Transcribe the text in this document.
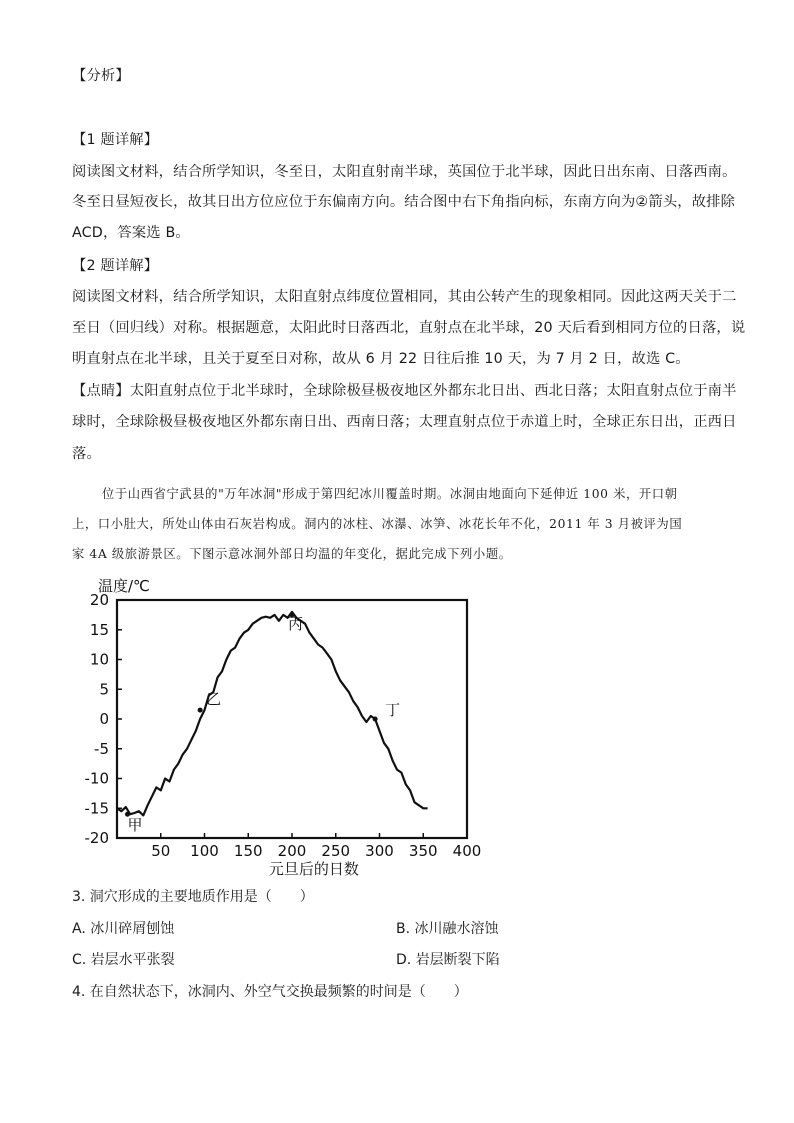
【分析】
【1 题详解】
阅读图文材料，结合所学知识，冬至日，太阳直射南半球，英国位于北半球，因此日出东南、日落西南。
冬至日昼短夜长，故其日出方位应位于东偏南方向。结合图中右下角指向标，东南方向为②箭头，故排除
ACD，答案选 B。
【2 题详解】
阅读图文材料，结合所学知识，太阳直射点纬度位置相同，其由公转产生的现象相同。因此这两天关于二
至日（回归线）对称。根据题意，太阳此时日落西北，直射点在北半球，20 天后看到相同方位的日落，说
明直射点在北半球，且关于夏至日对称，故从 6 月 22 日往后推 10 天，为 7 月 2 日，故选 C。
【点睛】太阳直射点位于北半球时，全球除极昼极夜地区外都东北日出、西北日落；太阳直射点位于南半
球时，全球除极昼极夜地区外都东南日出、西南日落；太理直射点位于赤道上时，全球正东日出，正西日
落。
位于山西省宁武县的"万年冰洞"形成于第四纪冰川覆盖时期。冰洞由地面向下延伸近 100 米，开口朝
上，口小肚大，所处山体由石灰岩构成。洞内的冰柱、冰瀑、冰笋、冰花长年不化，2011 年 3 月被评为国
家 4A 级旅游景区。下图示意冰洞外部日均温的年变化，据此完成下列小题。
温度/℃
20
15
10
5
0
-5
-10
-15
-20
50 100 150 200 250 300 350 400
甲
乙
丙
丁
元旦后的日数
3. 洞穴形成的主要地质作用是（　　）
A. 冰川碎屑刨蚀	B. 冰川融水溶蚀
C. 岩层水平张裂	D. 岩层断裂下陷
4. 在自然状态下，冰洞内、外空气交换最频繁的时间是（　　）
